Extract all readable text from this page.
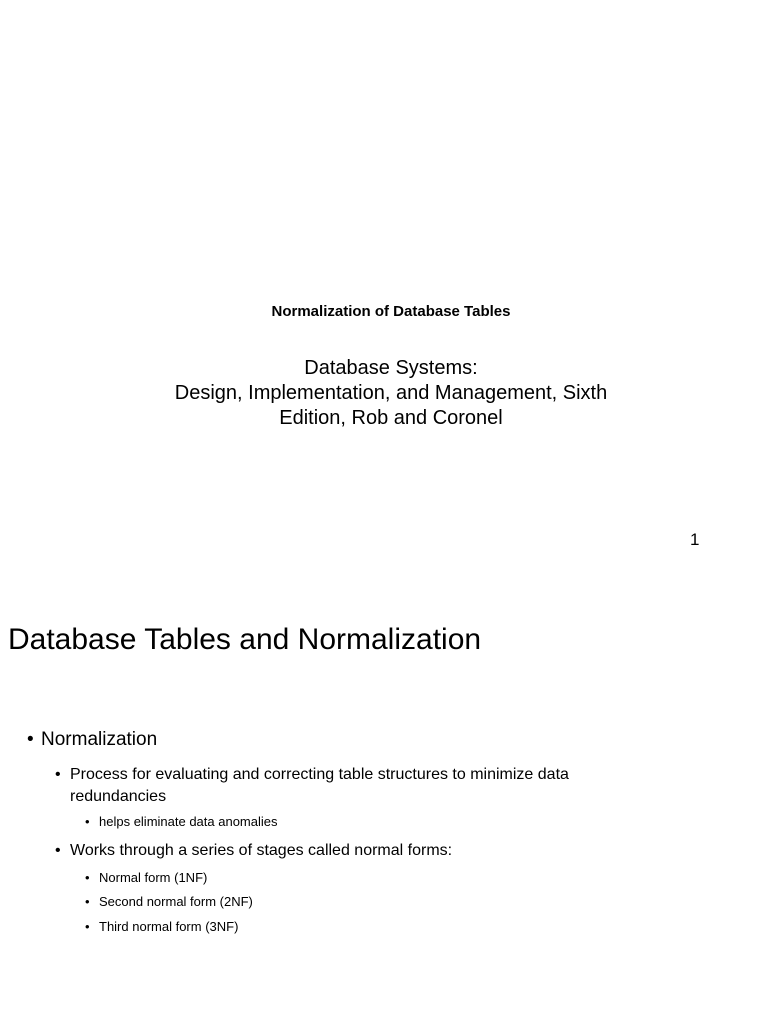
Normalization of Database Tables
Database Systems:
Design, Implementation, and Management, Sixth
Edition, Rob and Coronel
1
Database Tables and Normalization
• Normalization
• Process for evaluating and correcting table structures to minimize data
redundancies
• helps eliminate data anomalies
• Works through a series of stages called normal forms:
• Normal form (1NF)
• Second normal form (2NF)
• Third normal form (3NF)
